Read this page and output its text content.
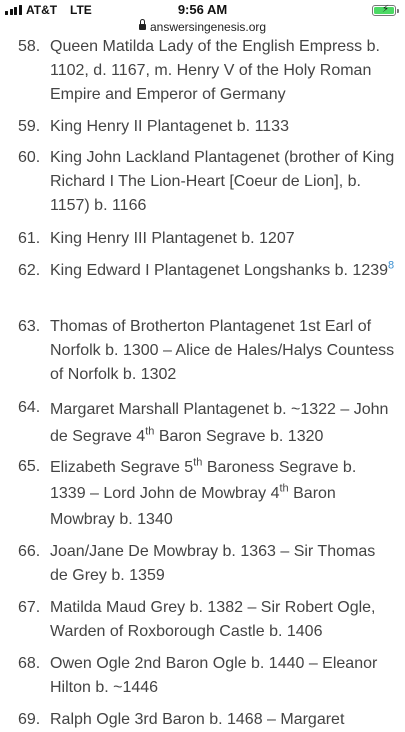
58. Queen Matilda Lady of the English Empress b. 1102, d. 1167, m. Henry V of the Holy Roman Empire and Emperor of Germany
59. King Henry II Plantagenet b. 1133
60. King John Lackland Plantagenet (brother of King Richard I The Lion-Heart [Coeur de Lion], b. 1157) b. 1166
61. King Henry III Plantagenet b. 1207
62. King Edward I Plantagenet Longshanks b. 1239$^8$
63. Thomas of Brotherton Plantagenet 1st Earl of Norfolk b. 1300 – Alice de Hales/Halys Countess of Norfolk b. 1302
64. Margaret Marshall Plantagenet b. ~1322 – John de Segrave 4th Baron Segrave b. 1320
65. Elizabeth Segrave 5th Baroness Segrave b. 1339 – Lord John de Mowbray 4th Baron Mowbray b. 1340
66. Joan/Jane De Mowbray b. 1363 – Sir Thomas de Grey b. 1359
67. Matilda Maud Grey b. 1382 – Sir Robert Ogle, Warden of Roxborough Castle b. 1406
68. Owen Ogle 2nd Baron Ogle b. 1440 – Eleanor Hilton b. ~1446
69. Ralph Ogle 3rd Baron b. 1468 – Margaret
AT&T LTE	9:56 AM	⚡
answersingenesis.org
